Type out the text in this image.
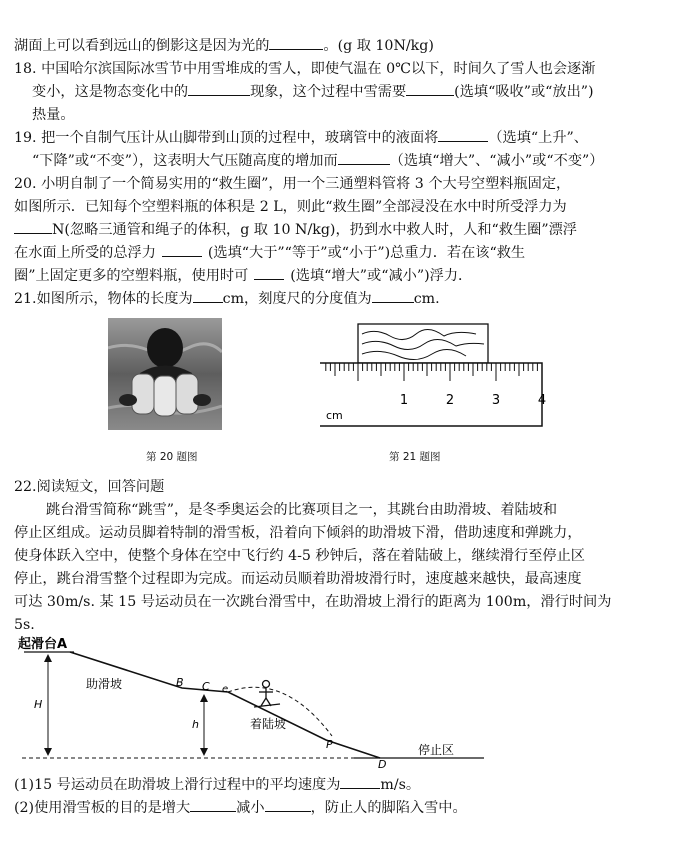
湖面上可以看到远山的倒影这是因为光的	。(g 取 10N/kg)
18. 中国哈尔滨国际冰雪节中用雪堆成的雪人，即使气温在 0℃以下，时间久了雪人也会逐渐
变小，这是物态变化中的	现象，这个过程中雪需要	(选填“吸收”或“放出”)
热量。
19. 把一个自制气压计从山脚带到山顶的过程中，玻璃管中的液面将	（选填“上升”、
“下降”或“不变”），这表明大气压随高度的增加而	（选填“增大”、“减小”或“不变”）
20. 小明自制了一个简易实用的“救生圈”，用一个三通塑料管将 3 个大号空塑料瓶固定，
如图所示．已知每个空塑料瓶的体积是 2 L，则此“救生圈”全部浸没在水中时所受浮力为
N(忽略三通管和绳子的体积，g 取 10 N/kg)，扔到水中救人时，人和“救生圈”漂浮
在水面上所受的总浮力	(选填“大于”“等于”或“小于”)总重力．若在该“救生
圈”上固定更多的空塑料瓶，使用时可	(选填“增大”或“减小”)浮力．
21.如图所示，物体的长度为 cm，刻度尺的分度值为	cm.
第 20 题图
1	2	3	4
cm
第 21 题图
22.阅读短文，回答问题
跳台滑雪简称“跳雪”，是冬季奥运会的比赛项目之一，其跳台由助滑坡、着陆坡和
停止区组成。运动员脚着特制的滑雪板，沿着向下倾斜的助滑坡下滑，借助速度和弹跳力，
使身体跃入空中，使整个身体在空中飞行约 4-5 秒钟后，落在着陆破上，继续滑行至停止区
停止，跳台滑雪整个过程即为完成。而运动员顺着助滑坡滑行时，速度越来越快，最高速度
可达 30m/s. 某 15 号运动员在一次跳台滑雪中，在助滑坡上滑行的距离为 100m，滑行时间为
5s.
起滑台A
助滑坡
着陆坡
停止区
B C e
H
h
P
D
(1)15 号运动员在助滑坡上滑行过程中的平均速度为	m/s。
(2)使用滑雪板的目的是增大	减小	，防止人的脚陷入雪中。
